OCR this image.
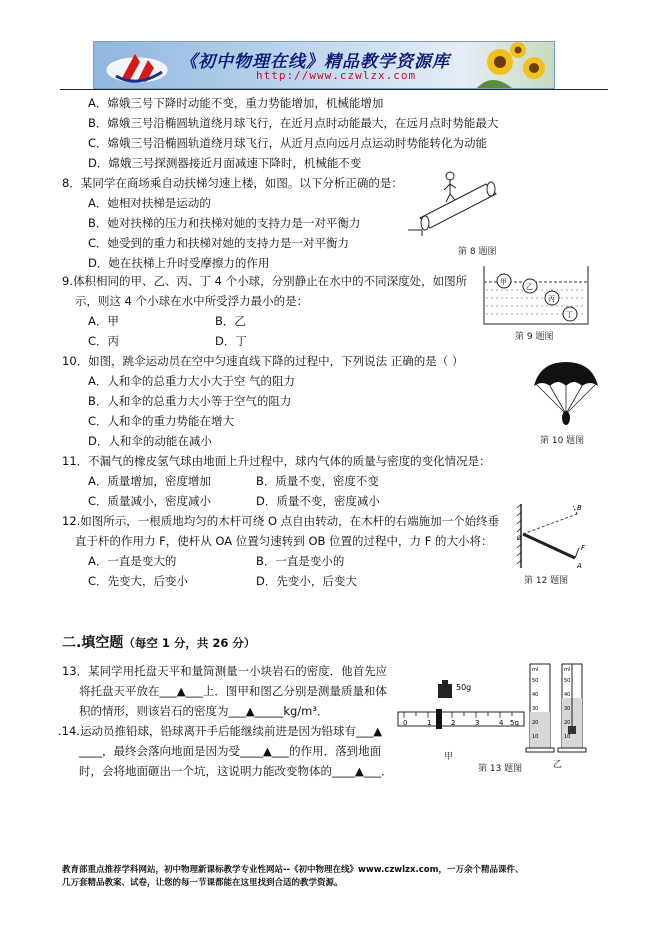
《初中物理在线》精品教学资源库
http://www.czwlzx.com
A．嫦娥三号下降时动能不变，重力势能增加，机械能增加
B．嫦娥三号沿椭圆轨道绕月球飞行，在近月点时动能最大，在远月点时势能最大
C．嫦娥三号沿椭圆轨道绕月球飞行，从近月点向远月点运动时势能转化为动能
D．嫦娥三号探测器接近月面减速下降时，机械能不变
8．某同学在商场乘自动扶梯匀速上楼，如图。以下分析正确的是：
A．她相对扶梯是运动的
B．她对扶梯的压力和扶梯对她的支持力是一对平衡力
C．她受到的重力和扶梯对她的支持力是一对平衡力
D．她在扶梯上升时受摩擦力的作用
第 8 题图
9.体积相同的甲、乙、丙、丁 4 个小球，分别静止在水中的不同深度处，如图所
示，则这 4 个小球在水中所受浮力最小的是：
A．甲	B．乙
C．丙	D．丁
甲
乙
丙
丁
第 9 题图
10．如图，跳伞运动员在空中匀速直线下降的过程中，下列说法 正确的是（ ）
A．人和伞的总重力大小大于空 气的阻力
B．人和伞的总重力大小等于空气的阻力
C．人和伞的重力势能在增大
D．人和伞的动能在减小	第 10 题图
11．不漏气的橡皮氢气球由地面上升过程中，球内气体的质量与密度的变化情况是：
A．质量增加，密度增加	B．质量不变，密度不变
C．质量减小，密度减小	D．质量不变，密度减小
12.如图所示，一根质地均匀的木杆可绕 O 点自由转动，在木杆的右端施加一个始终垂
直于杆的作用力 F，使杆从 OA 位置匀速转到 OB 位置的过程中，力 F 的大小将：
A．一直是变大的	B．一直是变小的
C．先变大，后变小	D．先变小，后变大
B
O
A
F
第 12 题图
二.填空题（每空 1 分，共 26 分）
13．某同学用托盘天平和量筒测量一小块岩石的密度．他首先应
将托盘天平放在___▲___上．图甲和图乙分别是测量质量和体
积的情形，则该岩石的密度为___▲_____kg/m³．
50g
0	1	2	3	4 5g
ml
50
40
30
20
10
ml
50
40
30
20
10
甲
乙
第 13 题图
.14.运动员推铅球，铅球离开手后能继续前进是因为铅球有___▲
____，最终会落向地面是因为受____▲___的作用．落到地面
时，会将地面砸出一个坑，这说明力能改变物体的____▲___．
教育部重点推荐学科网站，初中物理新课标教学专业性网站--《初中物理在线》www.czwlzx.com，一万余个精品课件、
几万套精品教案、试卷，让您的每一节课都能在这里找到合适的教学资源。
